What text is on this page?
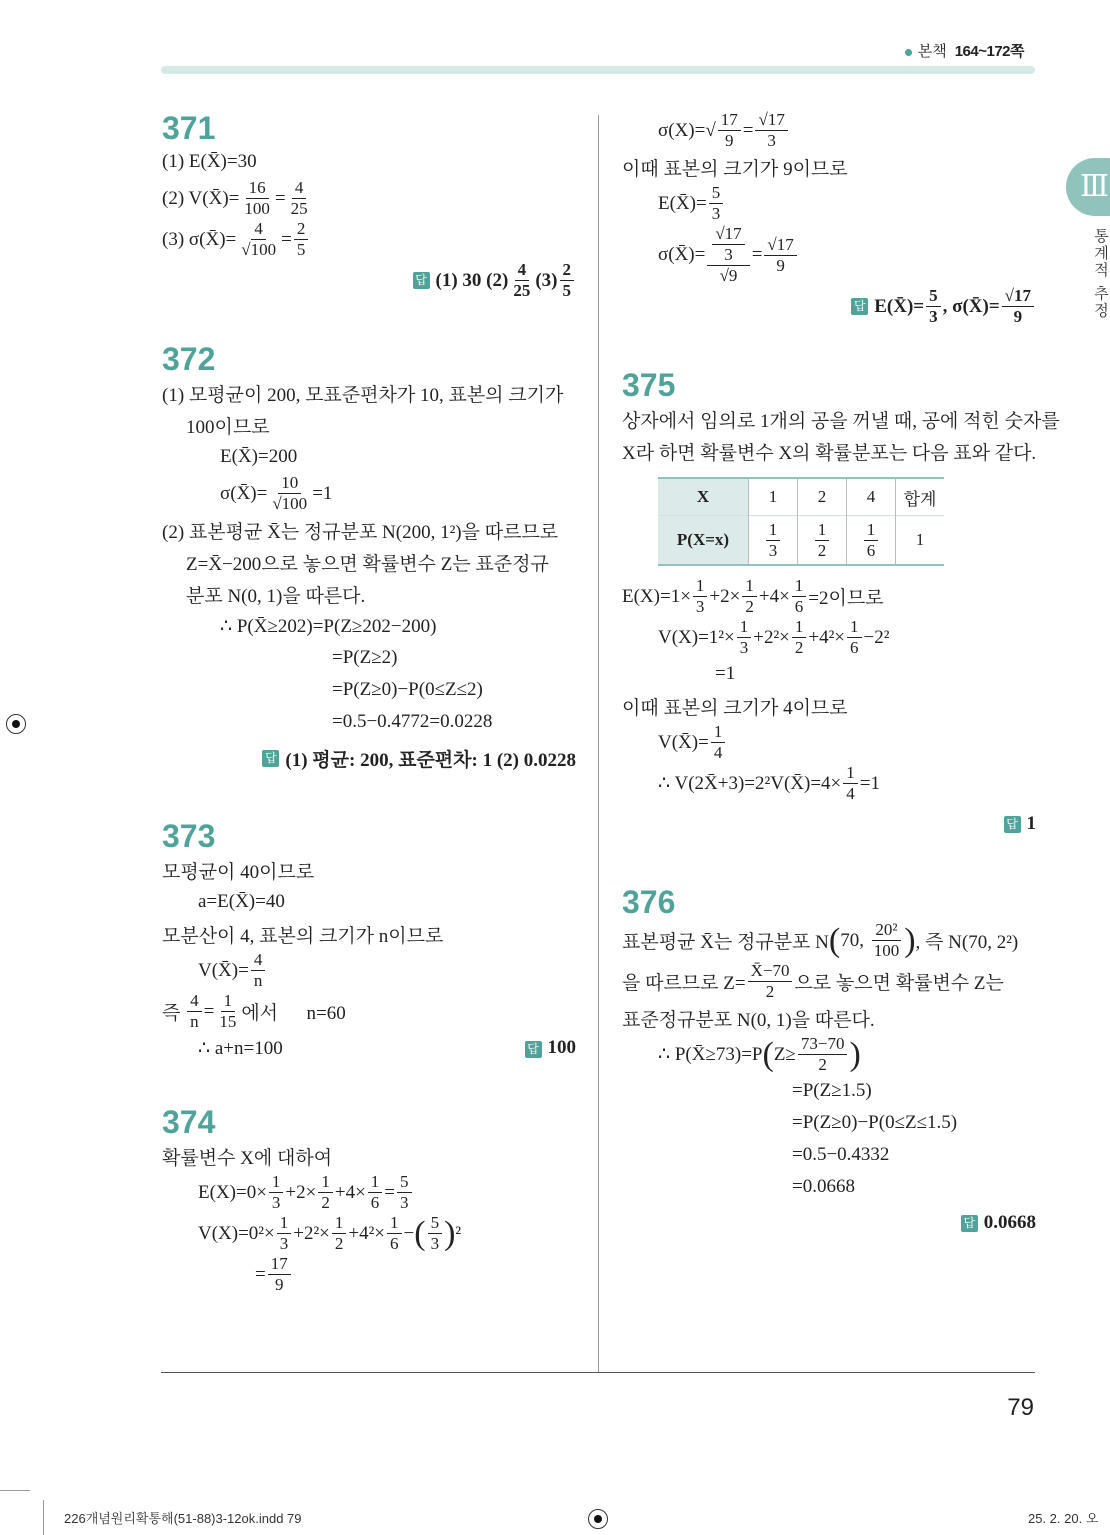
본책 164~172쪽
Ⅲ
통계적 추정
371
(1) E(X̄)=30
(2) V(X̄)= $\frac{16}{100} = \frac{4}{25}$
(3) σ(X̄)= $\frac{4}{√100} = \frac{2}{5}$
답 (1) 30 $(2) \frac{4}{25} (3) \frac{2}{5}$
372
(1) 모평균이 200, 모표준편차가 10, 표본의 크기가
100이므로
E(X̄)=200
σ(X̄)= $\frac{10}{√100} =1$
(2) 표본평균 X̄는 정규분포 N(200, 1²)을 따르므로
Z=X̄−200으로 놓으면 확률변수 Z는 표준정규
분포 N(0, 1)을 따른다.
∴ P(X̄≥202)=P(Z≥202−200)
=P(Z≥2)
=P(Z≥0)−P(0≤Z≤2)
=0.5−0.4772=0.0228
답 (1) 평균: 200, 표준편차: 1 (2) 0.0228
373
모평균이 40이므로
a=E(X̄)=40
모분산이 4, 표본의 크기가 n이므로
V(X̄)= $\frac{4}{n}$
즉 $\frac{4}{n} = \frac{1}{15}$ 에서      n=60
∴ a+n=100	답 100
374
확률변수 X에 대하여
$E(X)=0\times \frac{1}{3} +2\times \frac{1}{2} +4\times \frac{1}{6} = \frac{5}{3}$
$V(X)=0^2\times \frac{1}{3} +2^2\times \frac{1}{2} +4^2\times \frac{1}{6}$ − ( $\frac{5}{3}$ ) ²
= $\frac{17}{9}$
$\sigma(X)=√ \frac{17}{9} = \frac{√17}{3}$
이때 표본의 크기가 9이므로
E(X̄)= $\frac{5}{3}$
σ(X̄)= $\frac{\frac{√17}{3}}{√9} = \frac{√17}{9}$
답 E(X̄)= $\frac{5}{3}$ , σ(X̄)= $\frac{√17}{9}$
375
상자에서 임의로 1개의 공을 꺼낼 때, 공에 적힌 숫자를
X라 하면 확률변수 X의 확률분포는 다음 표와 같다.
X	1	2	4	합계
P(X=x)	$\frac{1}{3}$	$\frac{1}{2}$	$\frac{1}{6}$	1
$E(X)=1\times \frac{1}{3} +2\times \frac{1}{2} +4\times \frac{1}{6} =2$이므로
$V(X)=1^2\times \frac{1}{3} +2^2\times \frac{1}{2} +4^2\times \frac{1}{6} -2^2$
=1
이때 표본의 크기가 4이므로
V(X̄)= $\frac{1}{4}$
∴ V(2X̄+3)=2²V(X̄)=4× $\frac{1}{4} =1$
답 1
376
표본평균 X̄는 정규분포 N ( 70, $\frac{\text{20²}}{100}$ ) , 즉 N(70, 2²)
을 따르므로 $Z= \frac{X̄-70}{2}$ 으로 놓으면 확률변수 Z는
표준정규분포 N(0, 1)을 따른다.
∴ P(X̄≥73)=P ( $Z\ge \frac{73-70}{2}$ )
=P(Z≥1.5)
=P(Z≥0)−P(0≤Z≤1.5)
=0.5−0.4332
=0.0668
답 0.0668
79
226개념원리확통해(51-88)3-12ok.indd 79	25. 2. 20. 오
